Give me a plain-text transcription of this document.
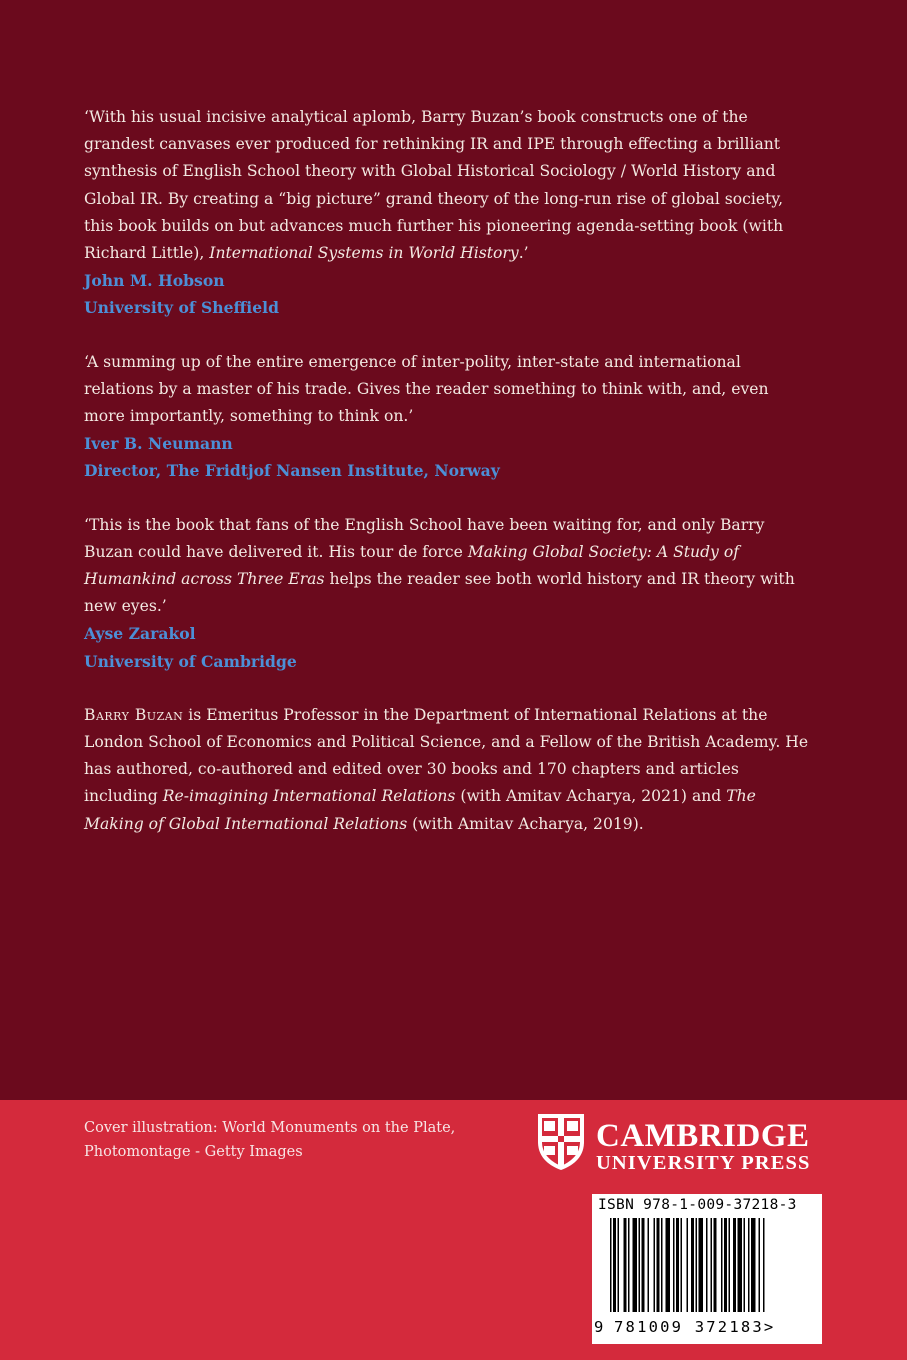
‘With his usual incisive analytical aplomb, Barry Buzan’s book constructs one of the grandest canvases ever produced for rethinking IR and IPE through effecting a brilliant synthesis of English School theory with Global Historical Sociology / World History and Global IR. By creating a “big picture” grand theory of the long-run rise of global society, this book builds on but advances much further his pioneering agenda-setting book (with Richard Little), International Systems in World History.’

John M. Hobson
University of Sheffield

‘A summing up of the entire emergence of inter-polity, inter-state and international relations by a master of his trade. Gives the reader something to think with, and, even more importantly, something to think on.’

Iver B. Neumann
Director, The Fridtjof Nansen Institute, Norway

‘This is the book that fans of the English School have been waiting for, and only Barry Buzan could have delivered it. His tour de force Making Global Society: A Study of Humankind across Three Eras helps the reader see both world history and IR theory with new eyes.’

Ayse Zarakol
University of Cambridge

Barry Buzan is Emeritus Professor in the Department of International Relations at the London School of Economics and Political Science, and a Fellow of the British Academy. He has authored, co-authored and edited over 30 books and 170 chapters and articles including Re-imagining International Relations (with Amitav Acharya, 2021) and The Making of Global International Relations (with Amitav Acharya, 2019).

Cover illustration: World Monuments on the Plate,
Photomontage - Getty Images	CAMBRIDGE
UNIVERSITY PRESS
ISBN 978-1-009-37218-3
9 781009 372183>
